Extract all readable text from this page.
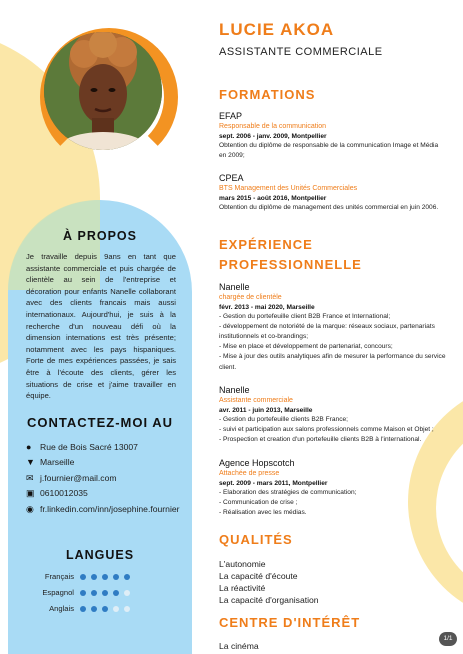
À PROPOS

Je travaille depuis 9ans en tant que assistante commerciale et puis chargée de clientèle au sein de l'entreprise et décoration pour enfants Nanelle collaborant avec des clients francais mais aussi internationaux. Aujourd'hui, je suis à la recherche d'un nouveau défi où la dimension internations est très présente; notamment avec les pays hispaniques. Forte de mes expériences passées, je sais être à l'écoute des clients, gérer les situations de crise et j'aime travailler en équipe.

CONTACTEZ-MOI AU
● Rue de Bois Sacré 13007
▼ Marseille
✉ j.fournier@mail.com
▣ 0610012035
◉ fr.linkedin.com/inn/josephine.fournier
LANGUES
Français
Espagnol
Anglais
LUCIE AKOA
ASSISTANTE COMMERCIALE
FORMATIONS
EFAP
Responsable de la communication
sept. 2006 - janv. 2009, Montpellier
Obtention du diplôme de responsable de la communication Image et Média en 2009;
CPEA
BTS Management des Unités Commerciales
mars 2015 - août 2016, Montpellier
Obtention du diplôme de management des unités commercial en juin 2006.
EXPÉRIENCE
PROFESSIONNELLE
Nanelle
chargée de clientèle
févr. 2013 - mai 2020, Marseille
- Gestion du portefeuille client B2B France et International;
- développement de notoriété de la marque: réseaux sociaux, partenariats institutionnels et co-brandings;
- Mise en place et développement de partenariat, concours;
- Mise à jour des outils analytiques afin de mesurer la performance du service client.
Nanelle
Assistante commerciale
avr. 2011 - juin 2013, Marseille
- Gestion du portefeuille clients B2B France;
- suivi et participation aux salons professionnels comme Maison et Objet ;
- Prospection et creation d'un portefeuille clients B2B à l'international.
Agence Hopscotch
Attachée de presse
sept. 2009 - mars 2011, Montpellier
- Elaboration des stratégies de communication;
- Communication de crise ;
- Réalisation avec les médias.
QUALITÉS
L'autonomie
La capacité d'écoute
La réactivité
La capacité d'organisation
CENTRE D'INTÉRÊT
La cinéma
1/1
